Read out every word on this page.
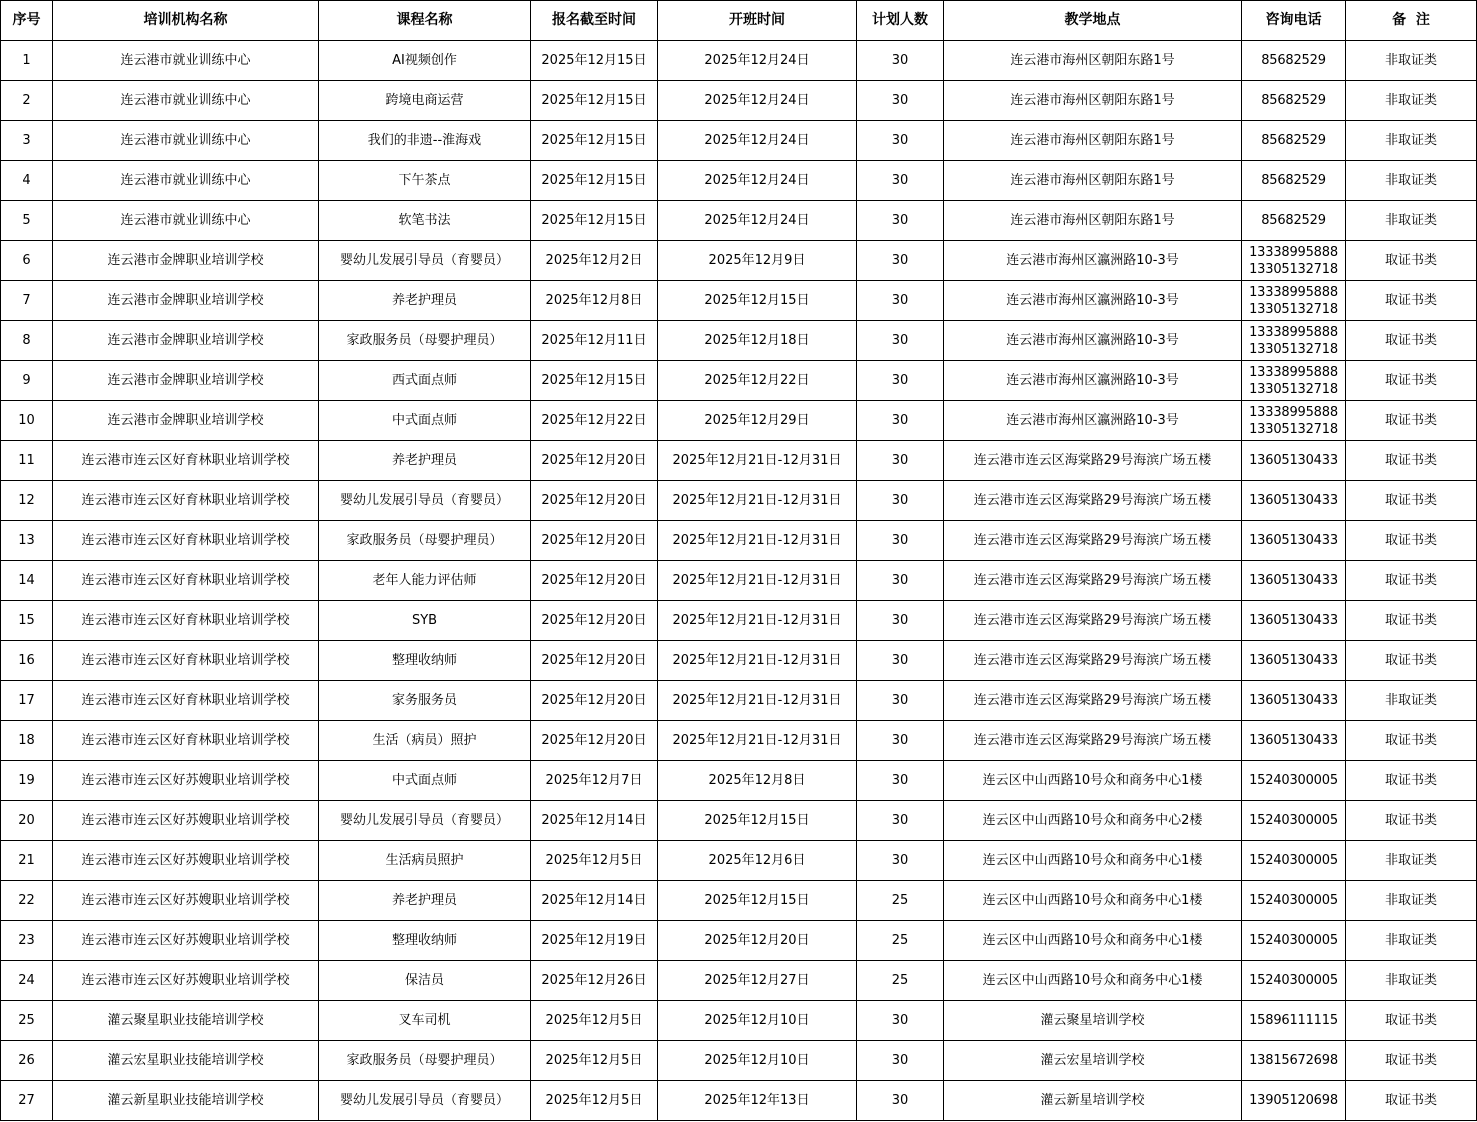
序号	培训机构名称	课程名称	报名截至时间	开班时间	计划人数	教学地点	咨询电话	备  注
1	连云港市就业训练中心	AI视频创作	2025年12月15日	2025年12月24日	30	连云港市海州区朝阳东路1号	85682529	非取证类
2	连云港市就业训练中心	跨境电商运营	2025年12月15日	2025年12月24日	30	连云港市海州区朝阳东路1号	85682529	非取证类
3	连云港市就业训练中心	我们的非遗--淮海戏	2025年12月15日	2025年12月24日	30	连云港市海州区朝阳东路1号	85682529	非取证类
4	连云港市就业训练中心	下午茶点	2025年12月15日	2025年12月24日	30	连云港市海州区朝阳东路1号	85682529	非取证类
5	连云港市就业训练中心	软笔书法	2025年12月15日	2025年12月24日	30	连云港市海州区朝阳东路1号	85682529	非取证类
6	连云港市金牌职业培训学校	婴幼儿发展引导员（育婴员）	2025年12月2日	2025年12月9日	30	连云港市海州区瀛洲路10-3号	13338995888
13305132718	取证书类
7	连云港市金牌职业培训学校	养老护理员	2025年12月8日	2025年12月15日	30	连云港市海州区瀛洲路10-3号	13338995888
13305132718	取证书类
8	连云港市金牌职业培训学校	家政服务员（母婴护理员）	2025年12月11日	2025年12月18日	30	连云港市海州区瀛洲路10-3号	13338995888
13305132718	取证书类
9	连云港市金牌职业培训学校	西式面点师	2025年12月15日	2025年12月22日	30	连云港市海州区瀛洲路10-3号	13338995888
13305132718	取证书类
10	连云港市金牌职业培训学校	中式面点师	2025年12月22日	2025年12月29日	30	连云港市海州区瀛洲路10-3号	13338995888
13305132718	取证书类
11	连云港市连云区好育林职业培训学校	养老护理员	2025年12月20日	2025年12月21日-12月31日	30	连云港市连云区海棠路29号海滨广场五楼	13605130433	取证书类
12	连云港市连云区好育林职业培训学校	婴幼儿发展引导员（育婴员）	2025年12月20日	2025年12月21日-12月31日	30	连云港市连云区海棠路29号海滨广场五楼	13605130433	取证书类
13	连云港市连云区好育林职业培训学校	家政服务员（母婴护理员）	2025年12月20日	2025年12月21日-12月31日	30	连云港市连云区海棠路29号海滨广场五楼	13605130433	取证书类
14	连云港市连云区好育林职业培训学校	老年人能力评估师	2025年12月20日	2025年12月21日-12月31日	30	连云港市连云区海棠路29号海滨广场五楼	13605130433	取证书类
15	连云港市连云区好育林职业培训学校	SYB	2025年12月20日	2025年12月21日-12月31日	30	连云港市连云区海棠路29号海滨广场五楼	13605130433	取证书类
16	连云港市连云区好育林职业培训学校	整理收纳师	2025年12月20日	2025年12月21日-12月31日	30	连云港市连云区海棠路29号海滨广场五楼	13605130433	取证书类
17	连云港市连云区好育林职业培训学校	家务服务员	2025年12月20日	2025年12月21日-12月31日	30	连云港市连云区海棠路29号海滨广场五楼	13605130433	非取证类
18	连云港市连云区好育林职业培训学校	生活（病员）照护	2025年12月20日	2025年12月21日-12月31日	30	连云港市连云区海棠路29号海滨广场五楼	13605130433	取证书类
19	连云港市连云区好苏嫂职业培训学校	中式面点师	2025年12月7日	2025年12月8日	30	连云区中山西路10号众和商务中心1楼	15240300005	取证书类
20	连云港市连云区好苏嫂职业培训学校	婴幼儿发展引导员（育婴员）	2025年12月14日	2025年12月15日	30	连云区中山西路10号众和商务中心2楼	15240300005	取证书类
21	连云港市连云区好苏嫂职业培训学校	生活病员照护	2025年12月5日	2025年12月6日	30	连云区中山西路10号众和商务中心1楼	15240300005	非取证类
22	连云港市连云区好苏嫂职业培训学校	养老护理员	2025年12月14日	2025年12月15日	25	连云区中山西路10号众和商务中心1楼	15240300005	非取证类
23	连云港市连云区好苏嫂职业培训学校	整理收纳师	2025年12月19日	2025年12月20日	25	连云区中山西路10号众和商务中心1楼	15240300005	非取证类
24	连云港市连云区好苏嫂职业培训学校	保洁员	2025年12月26日	2025年12月27日	25	连云区中山西路10号众和商务中心1楼	15240300005	非取证类
25	灌云聚星职业技能培训学校	叉车司机	2025年12月5日	2025年12月10日	30	灌云聚星培训学校	15896111115	取证书类
26	灌云宏星职业技能培训学校	家政服务员（母婴护理员）	2025年12月5日	2025年12月10日	30	灌云宏星培训学校	13815672698	取证书类
27	灌云新星职业技能培训学校	婴幼儿发展引导员（育婴员）	2025年12月5日	2025年12年13日	30	灌云新星培训学校	13905120698	取证书类
